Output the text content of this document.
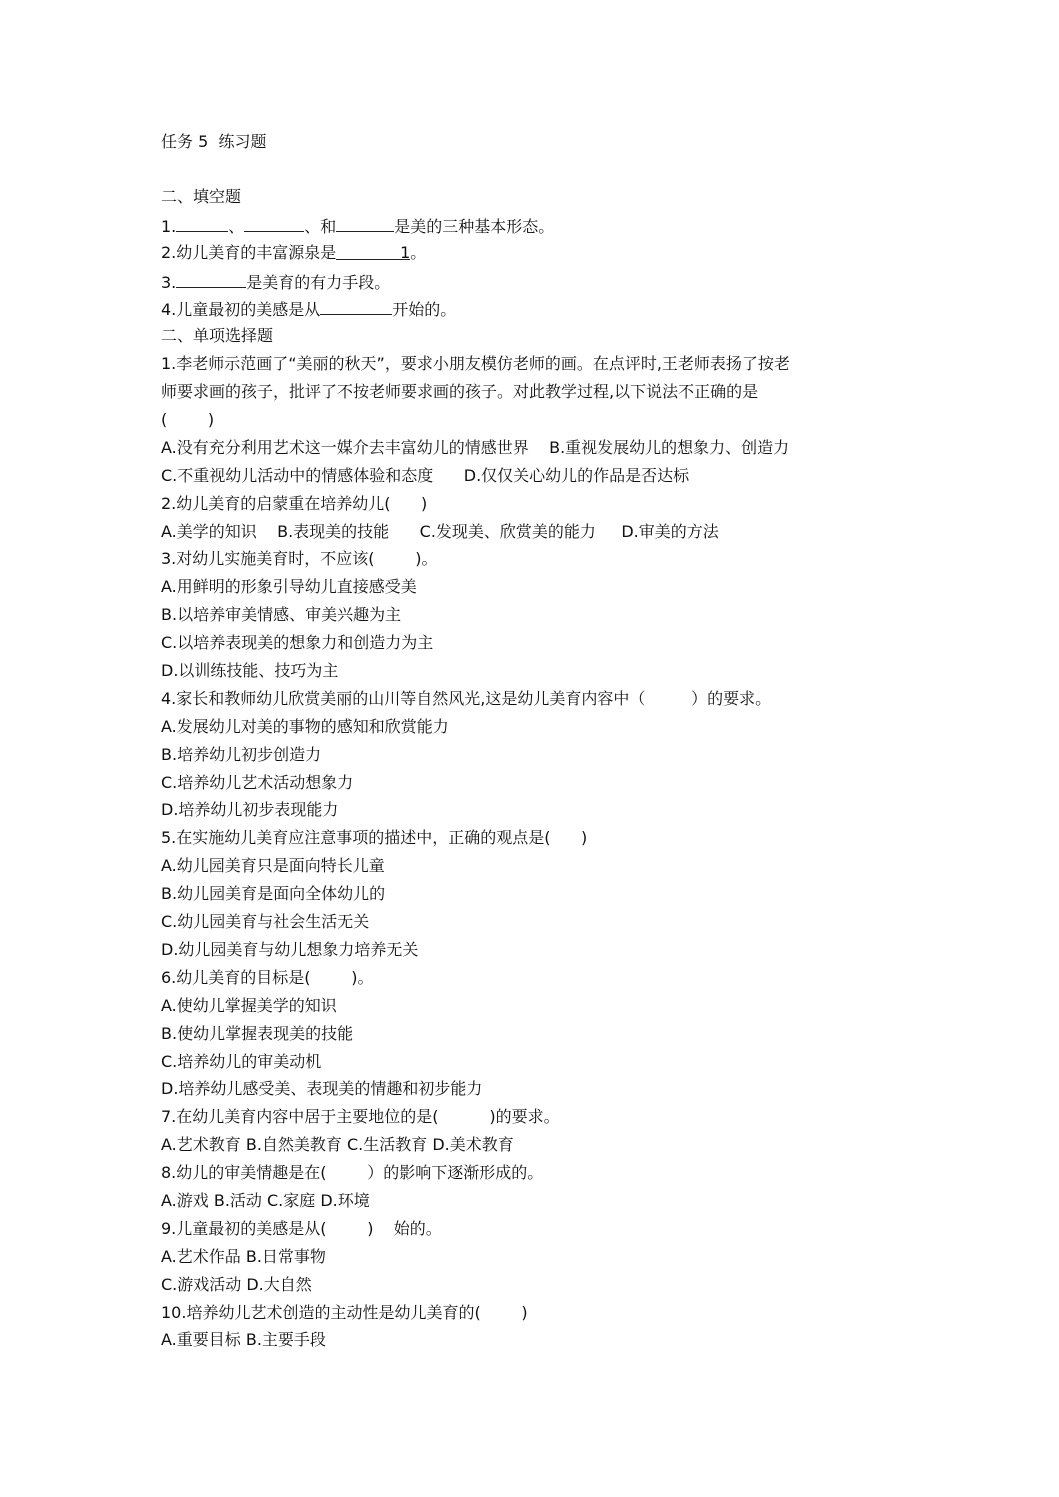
任务 5  练习题
二、填空题
1.	、	、和	是美的三种基本形态。
2.幼儿美育的丰富源泉是	1。
3.	是美育的有力手段。
4.儿童最初的美感是从	开始的。
二、单项选择题
1.李老师示范画了“美丽的秋天”，要求小朋友模仿老师的画。在点评时,王老师表扬了按老
师要求画的孩子，批评了不按老师要求画的孩子。对此教学过程,以下说法不正确的是
(        )
A.没有充分利用艺术这一媒介去丰富幼儿的情感世界    B.重视发展幼儿的想象力、创造力
C.不重视幼儿活动中的情感体验和态度      D.仅仅关心幼儿的作品是否达标
2.幼儿美育的启蒙重在培养幼儿(      )
A.美学的知识    B.表现美的技能      C.发现美、欣赏美的能力     D.审美的方法
3.对幼儿实施美育时，不应该(        )。
A.用鲜明的形象引导幼儿直接感受美
B.以培养审美情感、审美兴趣为主
C.以培养表现美的想象力和创造力为主
D.以训练技能、技巧为主
4.家长和教师幼儿欣赏美丽的山川等自然风光,这是幼儿美育内容中（         ）的要求。
A.发展幼儿对美的事物的感知和欣赏能力
B.培养幼儿初步创造力
C.培养幼儿艺术活动想象力
D.培养幼儿初步表现能力
5.在实施幼儿美育应注意事项的描述中，正确的观点是(      )
A.幼儿园美育只是面向特长儿童
B.幼儿园美育是面向全体幼儿的
C.幼儿园美育与社会生活无关
D.幼儿园美育与幼儿想象力培养无关
6.幼儿美育的目标是(        )。
A.使幼儿掌握美学的知识
B.使幼儿掌握表现美的技能
C.培养幼儿的审美动机
D.培养幼儿感受美、表现美的情趣和初步能力
7.在幼儿美育内容中居于主要地位的是(          )的要求。
A.艺术教育 B.自然美教育 C.生活教育 D.美术教育
8.幼儿的审美情趣是在(        ）的影响下逐渐形成的。
A.游戏 B.活动 C.家庭 D.环境
9.儿童最初的美感是从(        )    始的。
A.艺术作品 B.日常事物
C.游戏活动 D.大自然
10.培养幼儿艺术创造的主动性是幼儿美育的(        )
A.重要目标 B.主要手段
